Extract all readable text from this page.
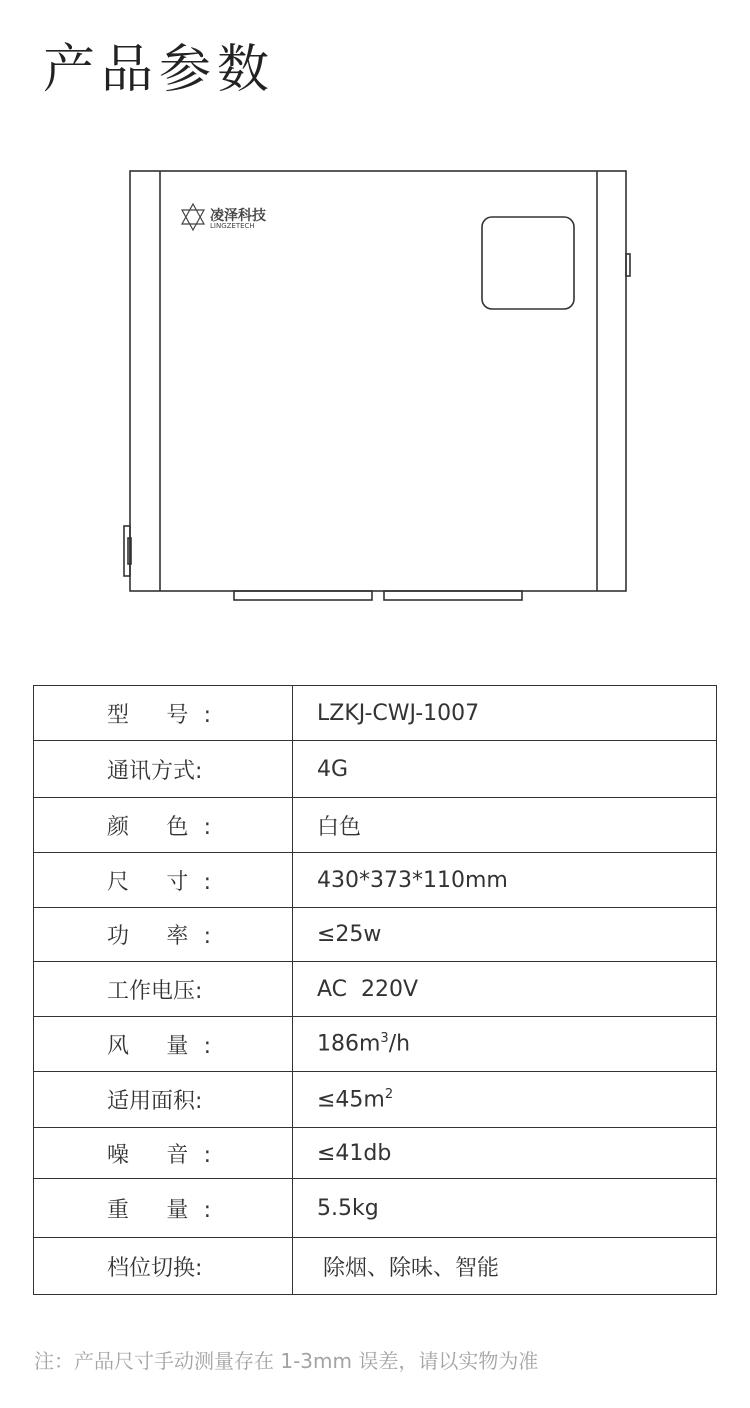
产品参数
凌泽科技
LINGZETECH
型 号:	LZKJ-CWJ-1007
通讯方式:	4G
颜 色:	白色
尺 寸:	430*373*110mm
功 率:	≤25w
工作电压:	AC  220V
风 量:	$186m^3/h$
适用面积:	$\le 45m^2$
噪 音:	≤41db
重 量:	5.5kg
档位切换:	除烟、除味、智能
注：产品尺寸手动测量存在 1-3mm 误差，请以实物为准
